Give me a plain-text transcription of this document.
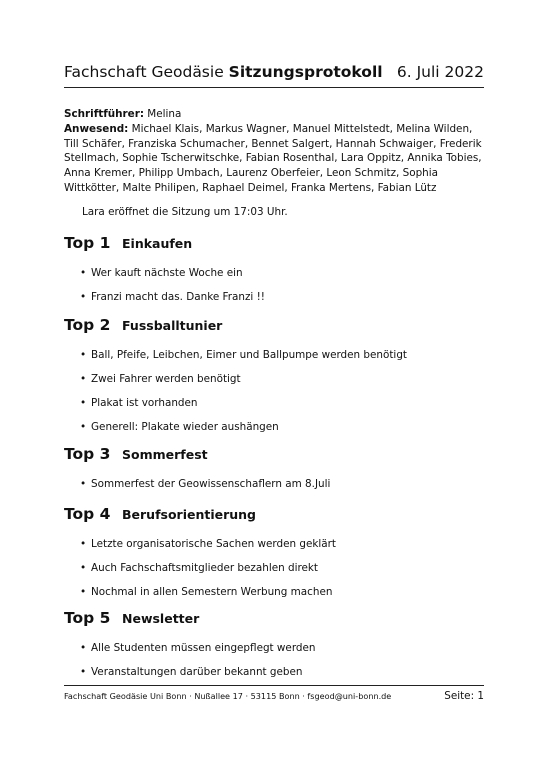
Fachschaft Geodäsie Sitzungsprotokoll 6. Juli 2022
Schriftführer: Melina
Anwesend: Michael Klais, Markus Wagner, Manuel Mittelstedt, Melina Wilden, Till Schäfer, Franziska Schumacher, Bennet Salgert, Hannah Schwaiger, Frederik Stellmach, Sophie Tscherwitschke, Fabian Rosenthal, Lara Oppitz, Annika Tobies, Anna Kremer, Philipp Umbach, Laurenz Oberfeier, Leon Schmitz, Sophia Wittkötter, Malte Philipen, Raphael Deimel, Franka Mertens, Fabian Lütz
Lara eröffnet die Sitzung um 17:03 Uhr.
Top 1 Einkaufen
• Wer kauft nächste Woche ein
• Franzi macht das. Danke Franzi !!
Top 2 Fussballtunier
• Ball, Pfeife, Leibchen, Eimer und Ballpumpe werden benötigt
• Zwei Fahrer werden benötigt
• Plakat ist vorhanden
• Generell: Plakate wieder aushängen
Top 3 Sommerfest
• Sommerfest der Geowissenschaflern am 8.Juli
Top 4 Berufsorientierung
• Letzte organisatorische Sachen werden geklärt
• Auch Fachschaftsmitglieder bezahlen direkt
• Nochmal in allen Semestern Werbung machen
Top 5 Newsletter
• Alle Studenten müssen eingepflegt werden
• Veranstaltungen darüber bekannt geben
Fachschaft Geodäsie Uni Bonn · Nußallee 17 · 53115 Bonn · fsgeod@uni-bonn.de	Seite: 1
